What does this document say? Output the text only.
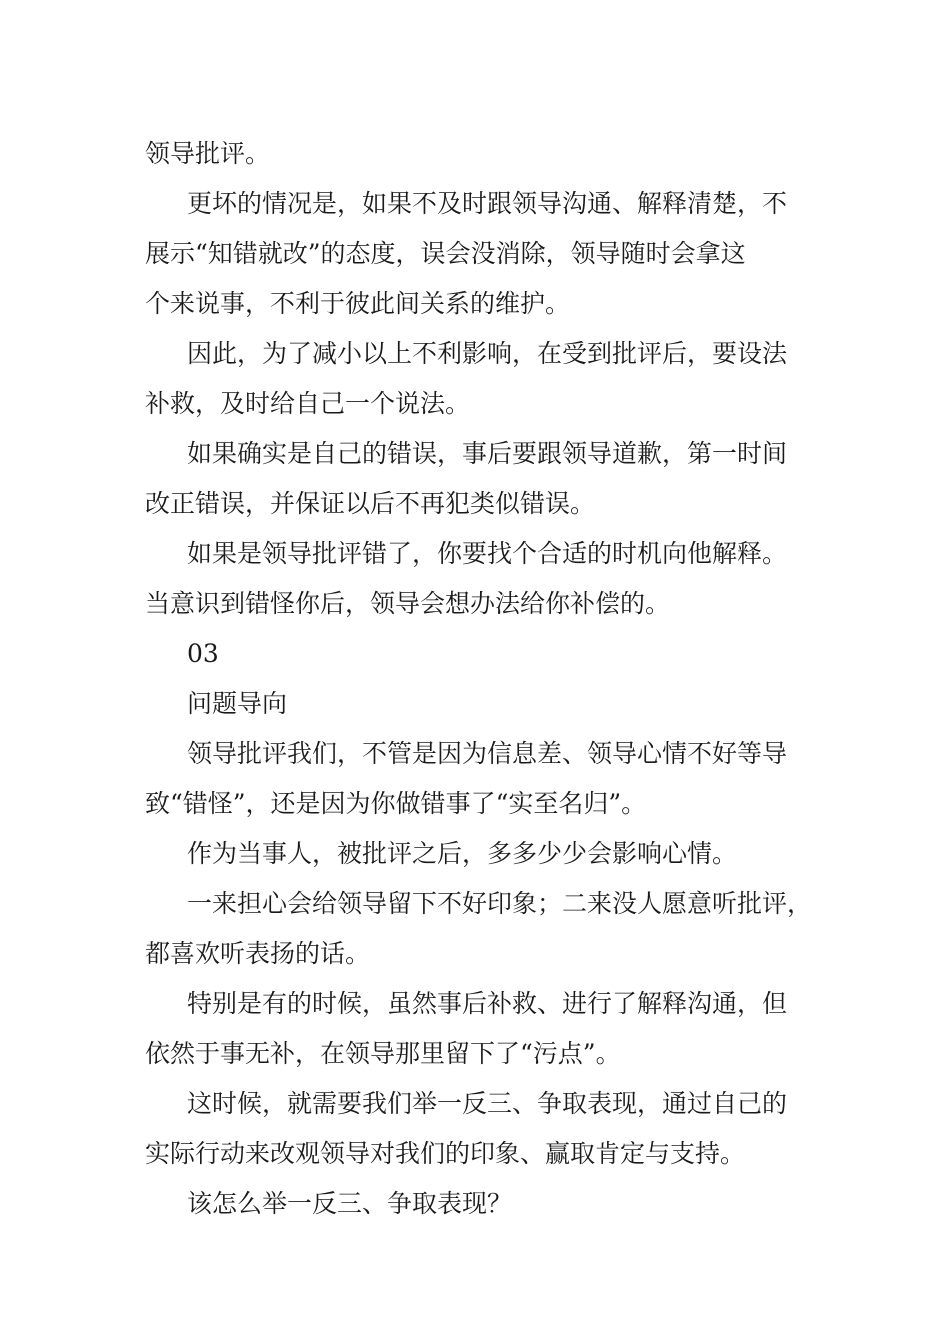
领导批评。
更坏的情况是，如果不及时跟领导沟通、解释清楚，不
展示“知错就改”的态度，误会没消除，领导随时会拿这
个来说事，不利于彼此间关系的维护。
因此，为了减小以上不利影响，在受到批评后，要设法
补救，及时给自己一个说法。
如果确实是自己的错误，事后要跟领导道歉，第一时间
改正错误，并保证以后不再犯类似错误。
如果是领导批评错了，你要找个合适的时机向他解释。
当意识到错怪你后，领导会想办法给你补偿的。
03
问题导向
领导批评我们，不管是因为信息差、领导心情不好等导
致“错怪”，还是因为你做错事了“实至名归”。
作为当事人，被批评之后，多多少少会影响心情。
一来担心会给领导留下不好印象；二来没人愿意听批评，
都喜欢听表扬的话。
特别是有的时候，虽然事后补救、进行了解释沟通，但
依然于事无补，在领导那里留下了“污点”。
这时候，就需要我们举一反三、争取表现，通过自己的
实际行动来改观领导对我们的印象、赢取肯定与支持。
该怎么举一反三、争取表现？
